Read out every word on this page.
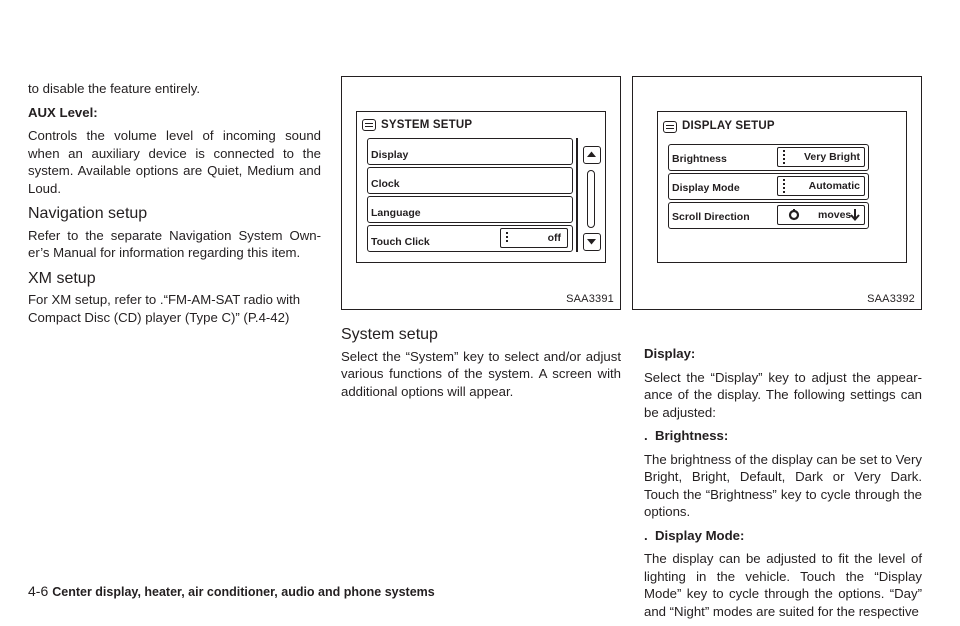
to disable the feature entirely.

AUX Level:

Controls the volume level of incoming sound when an auxiliary device is connected to the system. Available options are Quiet, Medium and Loud.

Navigation setup

Refer to the separate Navigation System Own- er’s Manual for information regarding this item.

XM setup

For XM setup, refer to .“FM-AM-SAT radio with Compact Disc (CD) player (Type C)” (P.4-42)

SYSTEM SETUP
Display
Clock
Language
Touch Click	off
SAA3391

System setup

Select the “System” key to select and/or adjust various functions of the system. A screen with additional options will appear.

DISPLAY SETUP
Brightness	Very Bright
Display Mode	Automatic
Scroll Direction	moves
SAA3392

Display:

Select the “Display” key to adjust the appear- ance of the display. The following settings can be adjusted:

.  Brightness:

The brightness of the display can be set to Very Bright, Bright, Default, Dark or Very Dark. Touch the “Brightness” key to cycle through the options.

.  Display Mode:

The display can be adjusted to fit the level of lighting in the vehicle. Touch the “Display Mode” key to cycle through the options. “Day” and “Night” modes are suited for the respective

4-6 Center display, heater, air conditioner, audio and phone systems
